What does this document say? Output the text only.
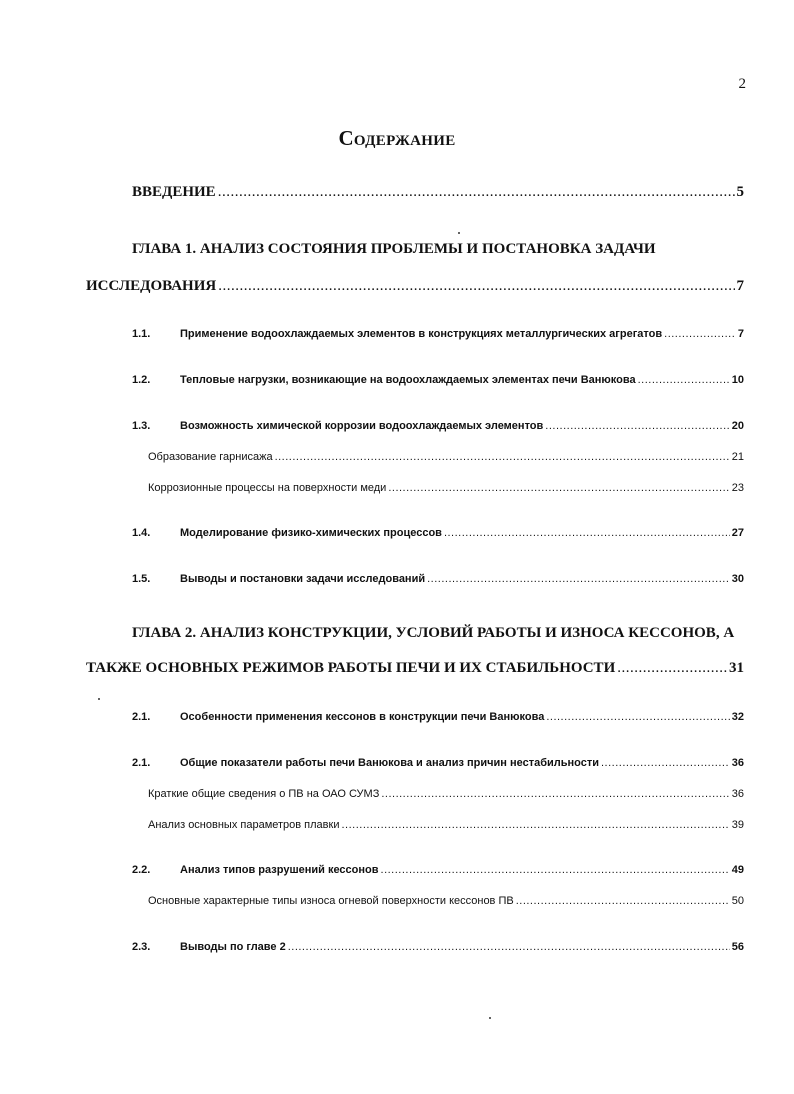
2
Содержание
ВВЕДЕНИЕ .....	5
ГЛАВА 1. АНАЛИЗ СОСТОЯНИЯ ПРОБЛЕМЫ И ПОСТАНОВКА ЗАДАЧИ
ИССЛЕДОВАНИЯ .....	7
1.1.	Применение водоохлаждаемых элементов в конструкциях металлургических агрегатов .....	7
1.2.	Тепловые нагрузки, возникающие на водоохлаждаемых элементах печи Ванюкова .....	10
1.3.	Возможность химической коррозии водоохлаждаемых элементов .....	20
Образование гарнисажа .....	21
Коррозионные процессы на поверхности меди .....	23
1.4.	Моделирование физико-химических процессов .....	27
1.5.	Выводы и постановки задачи исследований .....	30
ГЛАВА 2. АНАЛИЗ КОНСТРУКЦИИ, УСЛОВИЙ РАБОТЫ И ИЗНОСА КЕССОНОВ, А
ТАКЖЕ ОСНОВНЫХ РЕЖИМОВ РАБОТЫ ПЕЧИ И ИХ СТАБИЛЬНОСТИ .....	31
2.1.	Особенности применения кессонов в конструкции печи Ванюкова .....	32
2.1.	Общие показатели работы печи Ванюкова и анализ причин нестабильности .....	36
Краткие общие сведения о ПВ на ОАО СУМЗ .....	36
Анализ основных параметров плавки .....	39
2.2.	Анализ типов разрушений кессонов .....	49
Основные характерные типы износа огневой поверхности кессонов ПВ .....	50
2.3.	Выводы по главе 2 .....	56
